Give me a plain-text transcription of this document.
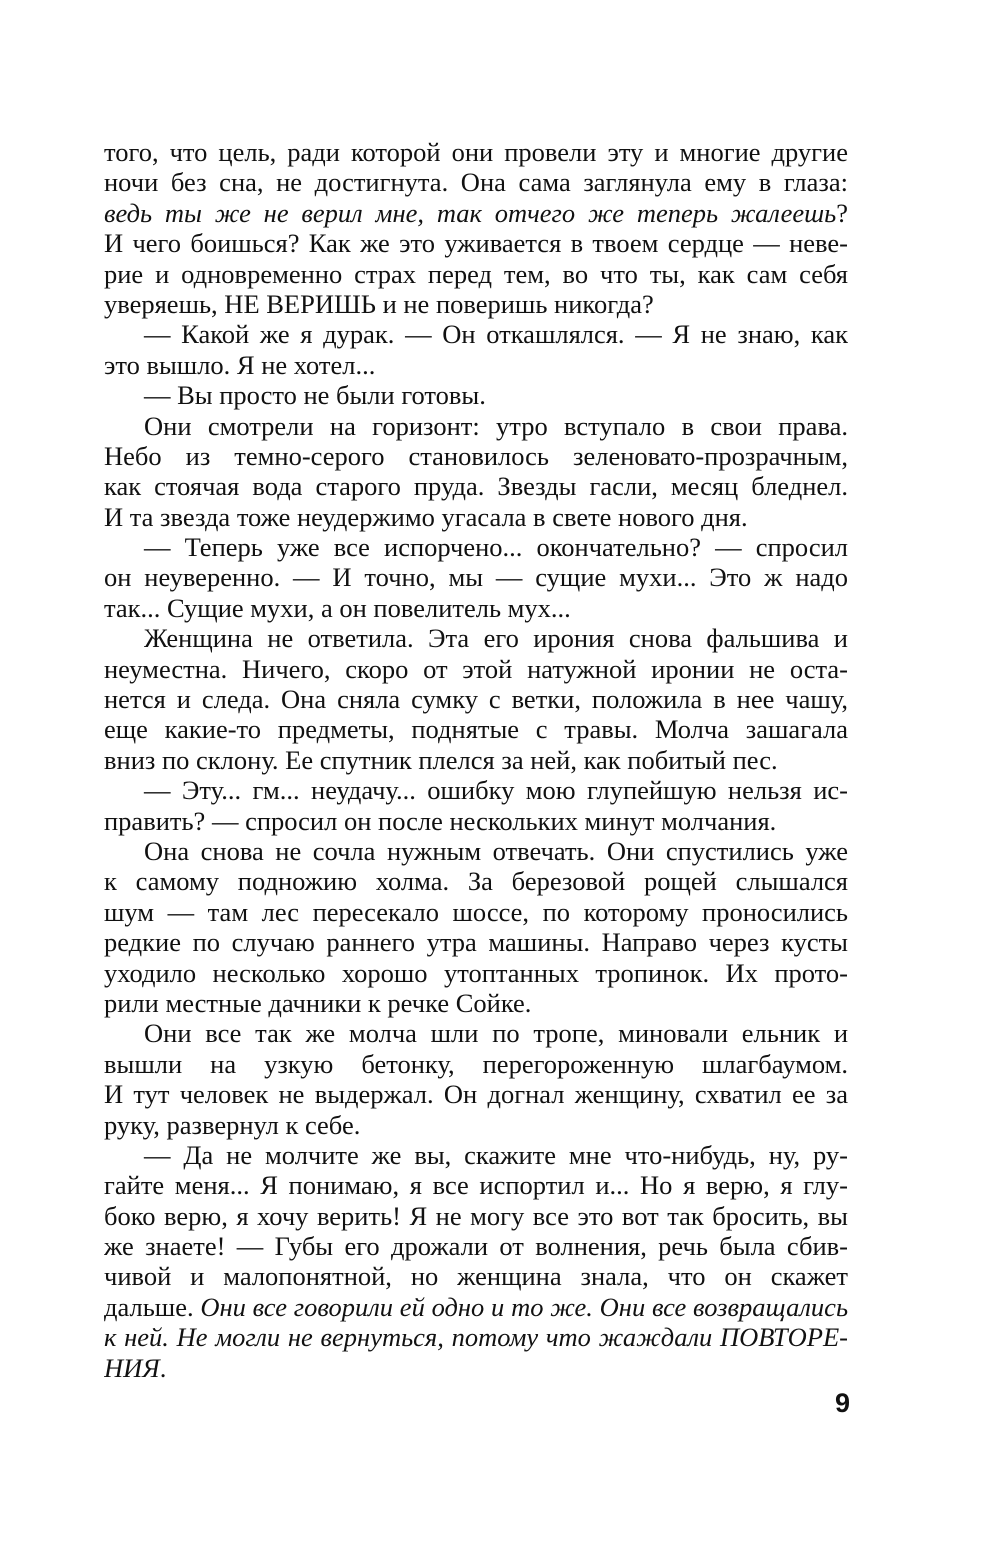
того, что цель, ради которой они провели эту и многие другие
ночи без сна, не достигнута. Она сама заглянула ему в глаза:
ведь ты же не верил мне, так отчего же теперь жалеешь?
И чего боишься? Как же это уживается в твоем сердце — неве-
рие и одновременно страх перед тем, во что ты, как сам себя
уверяешь, НЕ ВЕРИШЬ и не поверишь никогда?
— Какой же я дурак. — Он откашлялся. — Я не знаю, как
это вышло. Я не хотел...
— Вы просто не были готовы.
Они смотрели на горизонт: утро вступало в свои права.
Небо из темно-серого становилось зеленовато-прозрачным,
как стоячая вода старого пруда. Звезды гасли, месяц бледнел.
И та звезда тоже неудержимо угасала в свете нового дня.
— Теперь уже все испорчено... окончательно? — спросил
он неуверенно. — И точно, мы — сущие мухи... Это ж надо
так... Сущие мухи, а он повелитель мух...
Женщина не ответила. Эта его ирония снова фальшива и
неуместна. Ничего, скоро от этой натужной иронии не оста-
нется и следа. Она сняла сумку с ветки, положила в нее чашу,
еще какие-то предметы, поднятые с травы. Молча зашагала
вниз по склону. Ее спутник плелся за ней, как побитый пес.
— Эту... гм... неудачу... ошибку мою глупейшую нельзя ис-
править? — спросил он после нескольких минут молчания.
Она снова не сочла нужным отвечать. Они спустились уже
к самому подножию холма. За березовой рощей слышался
шум — там лес пересекало шоссе, по которому проносились
редкие по случаю раннего утра машины. Направо через кусты
уходило несколько хорошо утоптанных тропинок. Их прото-
рили местные дачники к речке Сойке.
Они все так же молча шли по тропе, миновали ельник и
вышли на узкую бетонку, перегороженную шлагбаумом.
И тут человек не выдержал. Он догнал женщину, схватил ее за
руку, развернул к себе.
— Да не молчите же вы, скажите мне что-нибудь, ну, ру-
гайте меня... Я понимаю, я все испортил и... Но я верю, я глу-
боко верю, я хочу верить! Я не могу все это вот так бросить, вы
же знаете! — Губы его дрожали от волнения, речь была сбив-
чивой и малопонятной, но женщина знала, что он скажет
дальше. Они все говорили ей одно и то же. Они все возвращались
к ней. Не могли не вернуться, потому что жаждали ПОВТОРЕ-
НИЯ.
9
